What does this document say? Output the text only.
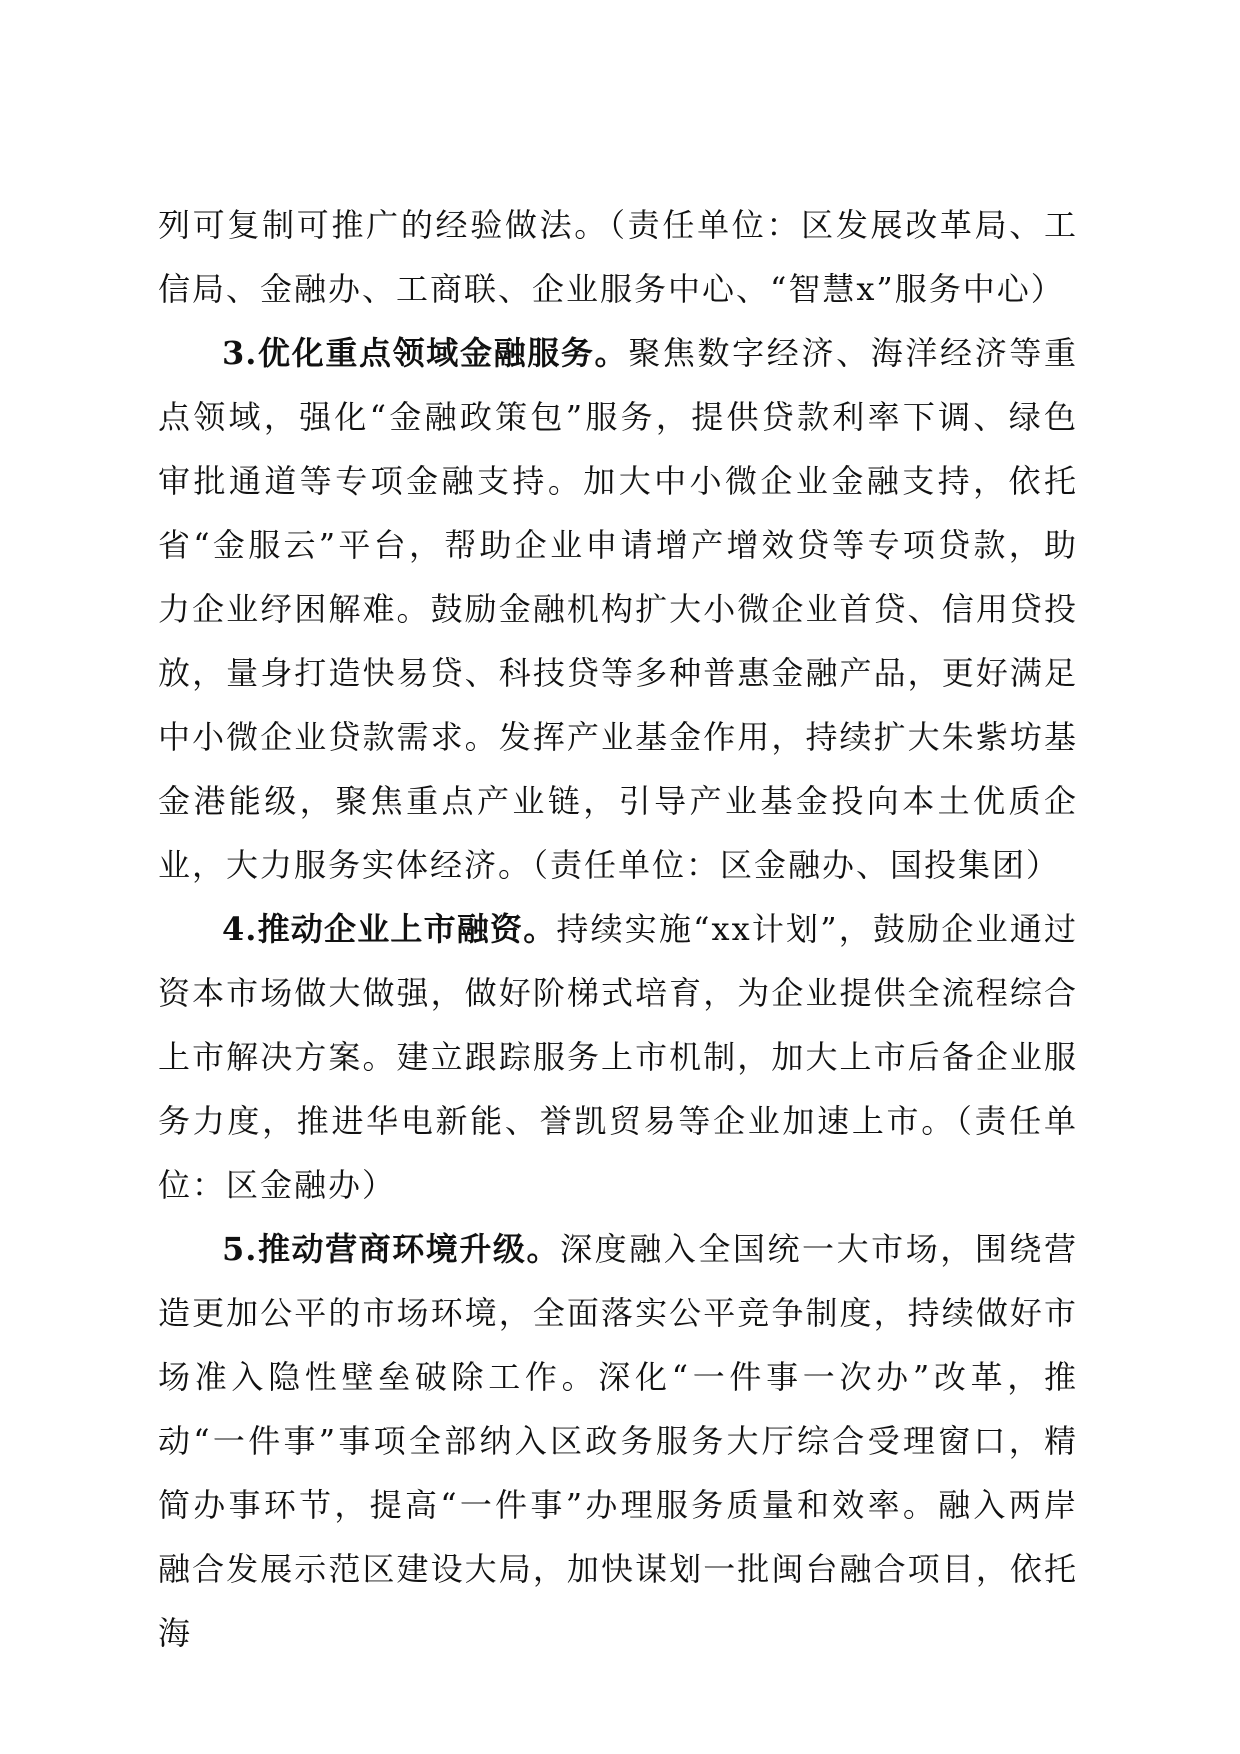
列可复制可推广的经验做法。（责任单位：区发展改革局、工信局、金融办、工商联、企业服务中心、“智慧x”服务中心）

3.优化重点领域金融服务。聚焦数字经济、海洋经济等重点领域，强化“金融政策包”服务，提供贷款利率下调、绿色审批通道等专项金融支持。加大中小微企业金融支持，依托省“金服云”平台，帮助企业申请增产增效贷等专项贷款，助力企业纾困解难。鼓励金融机构扩大小微企业首贷、信用贷投放，量身打造快易贷、科技贷等多种普惠金融产品，更好满足中小微企业贷款需求。发挥产业基金作用，持续扩大朱紫坊基金港能级，聚焦重点产业链，引导产业基金投向本土优质企业，大力服务实体经济。（责任单位：区金融办、国投集团）

4.推动企业上市融资。持续实施“xx计划”，鼓励企业通过资本市场做大做强，做好阶梯式培育，为企业提供全流程综合上市解决方案。建立跟踪服务上市机制，加大上市后备企业服务力度，推进华电新能、誉凯贸易等企业加速上市。（责任单位：区金融办）

5.推动营商环境升级。深度融入全国统一大市场，围绕营造更加公平的市场环境，全面落实公平竞争制度，持续做好市场准入隐性壁垒破除工作。深化“一件事一次办”改革，推动“一件事”事项全部纳入区政务服务大厅综合受理窗口，精简办事环节，提高“一件事”办理服务质量和效率。融入两岸融合发展示范区建设大局，加快谋划一批闽台融合项目，依托海
